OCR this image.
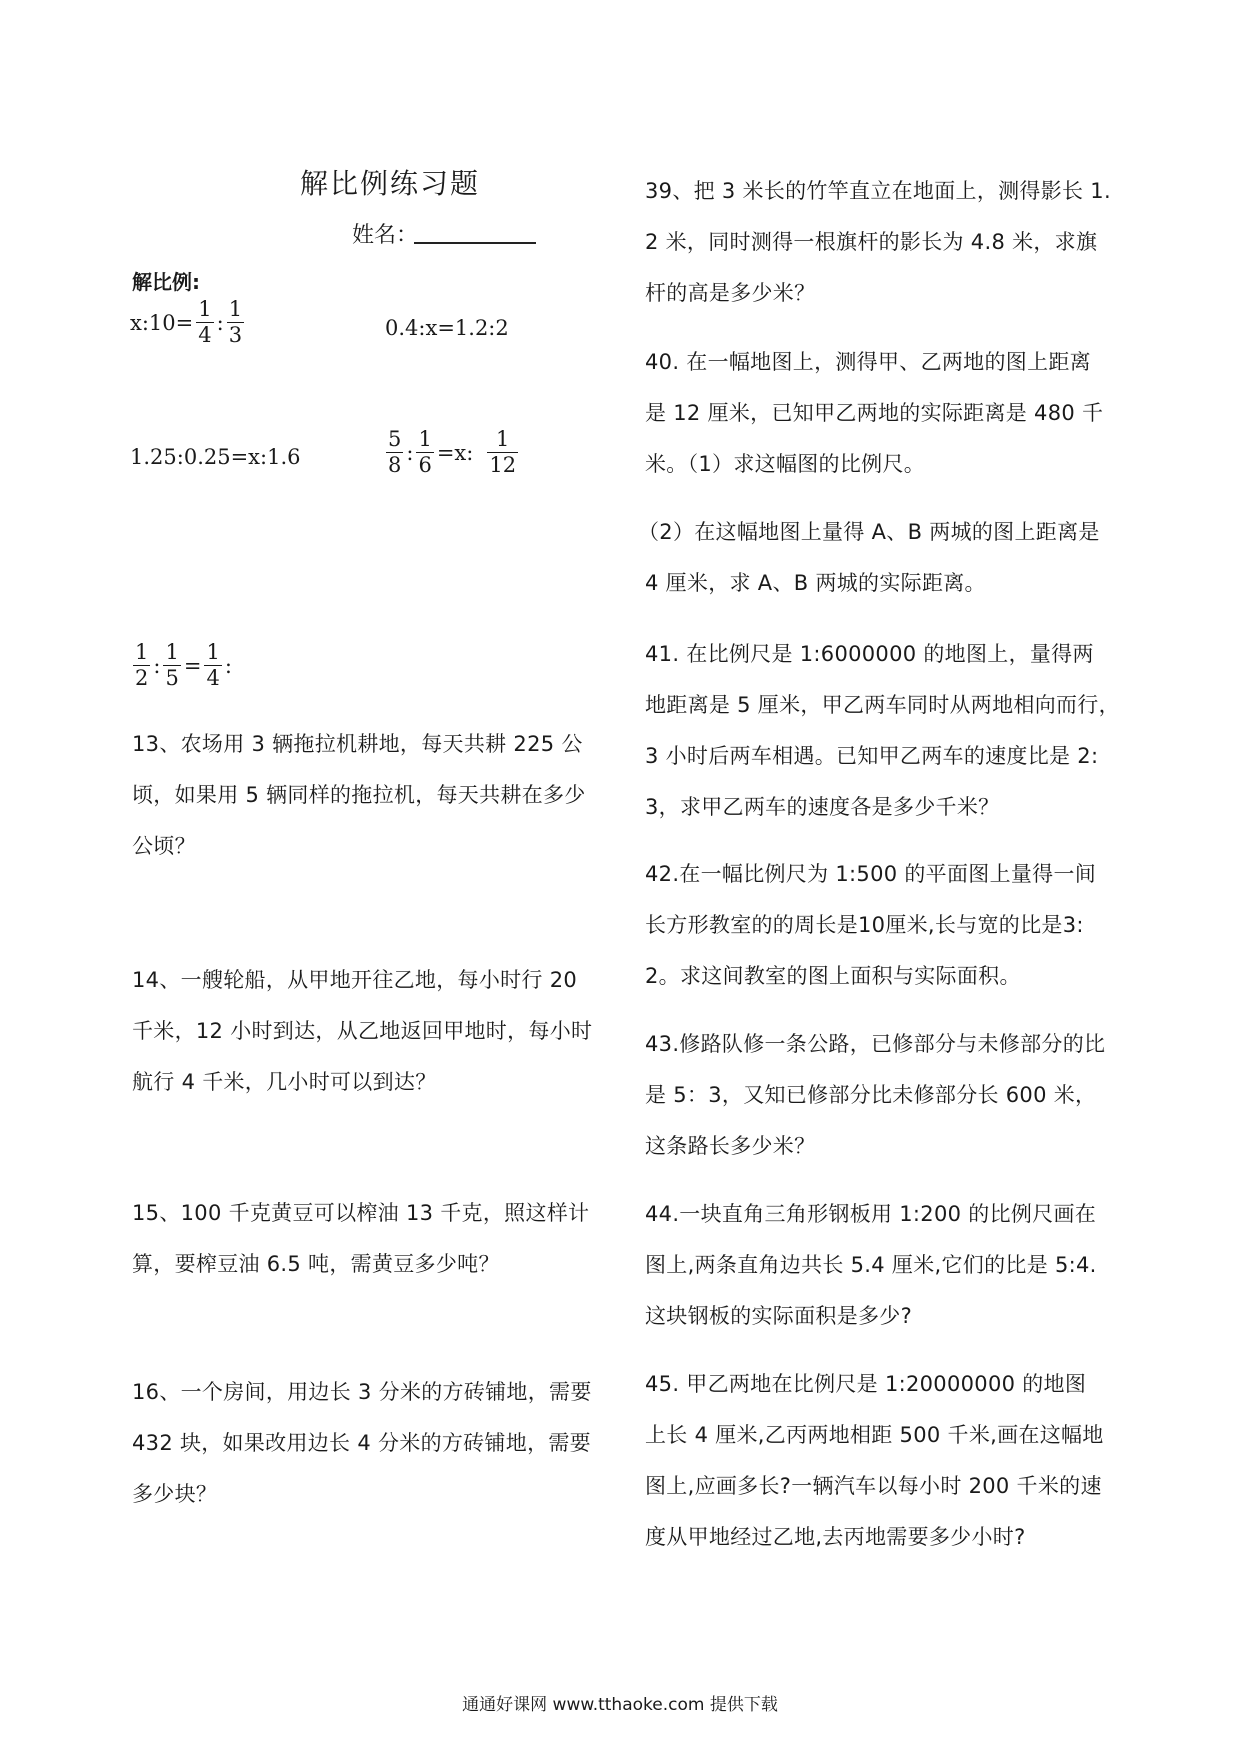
解比例练习题
姓名：
解比例:
x:10= $\frac{1}{4}$ : $\frac{1}{3}$	0.4:x=1.2:2
1.25:0.25=x:1.6	$\frac{5}{8}$ : $\frac{1}{6} =x$: $\frac{1}{12}$
$\frac{1}{2}$ : $\frac{1}{5} = \frac{1}{4}$ :
13、农场用 3 辆拖拉机耕地，每天共耕 225 公
顷，如果用 5 辆同样的拖拉机，每天共耕在多少
公顷？
14、一艘轮船，从甲地开往乙地，每小时行 20
千米，12 小时到达，从乙地返回甲地时，每小时
航行 4 千米，几小时可以到达？
15、100 千克黄豆可以榨油 13 千克，照这样计
算，要榨豆油 6.5 吨，需黄豆多少吨？
16、一个房间，用边长 3 分米的方砖铺地，需要
432 块，如果改用边长 4 分米的方砖铺地，需要
多少块？
39、把 3 米长的竹竿直立在地面上，测得影长 1.
2 米，同时测得一根旗杆的影长为 4.8 米，求旗
杆的高是多少米？
40. 在一幅地图上，测得甲、乙两地的图上距离
是 12 厘米，已知甲乙两地的实际距离是 480 千
米。（1）求这幅图的比例尺。
（2）在这幅地图上量得 A、B 两城的图上距离是
4 厘米，求 A、B 两城的实际距离。
41. 在比例尺是 1:6000000 的地图上，量得两
地距离是 5 厘米，甲乙两车同时从两地相向而行，
3 小时后两车相遇。已知甲乙两车的速度比是 2:
3，求甲乙两车的速度各是多少千米？
42.在一幅比例尺为 1:500 的平面图上量得一间
长方形教室的的周长是10厘米,长与宽的比是3:
2。求这间教室的图上面积与实际面积。
43.修路队修一条公路，已修部分与未修部分的比
是 5：3，又知已修部分比未修部分长 600 米，
这条路长多少米？
44.一块直角三角形钢板用 1:200 的比例尺画在
图上,两条直角边共长 5.4 厘米,它们的比是 5:4.
这块钢板的实际面积是多少?
45. 甲乙两地在比例尺是 1:20000000 的地图
上长 4 厘米,乙丙两地相距 500 千米,画在这幅地
图上,应画多长?一辆汽车以每小时 200 千米的速
度从甲地经过乙地,去丙地需要多少小时?
通通好课网 www.tthaoke.com 提供下载
